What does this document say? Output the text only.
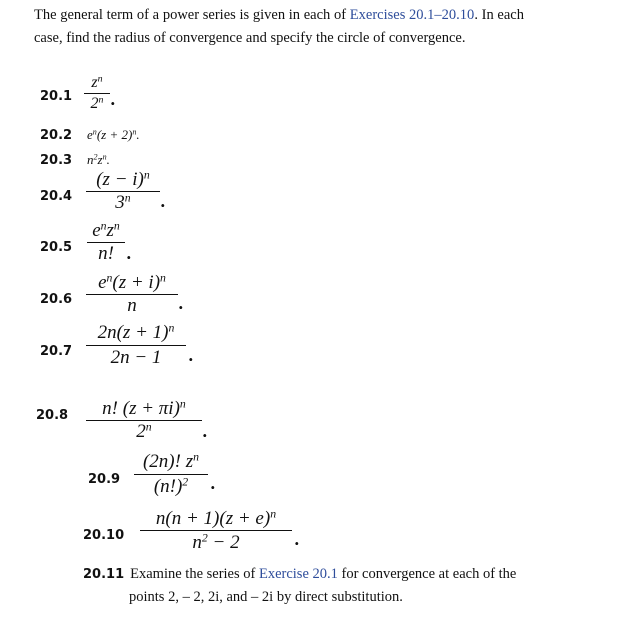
The general term of a power series is given in each of Exercises 20.1–20.10. In each case, find the radius of convergence and specify the circle of convergence.
20.1
$z^n$
2$^n$ .
20.2 $e^n(z + 2)^n$.
20.3 $n^2z^n$.
20.4
$(z - i)^n$
3$^n$	.
20.5
$e^nz^n$
n! .
20.6
$e^n(z + i)^n$
n	.
20.7
$2n(z + 1)^n$
2n − 1	.
20.8	n! $(z + \pi i)^n$
2$^n$	.
20.9
(2n)! $z^n$
$(n!)^2$	.
20.10
$n(n + 1)(z + e)^n$
$n^2 - 2$	.
20.11 Examine the series of Exercise 20.1 for convergence at each of the
points 2, – 2, 2i, and – 2i by direct substitution.
